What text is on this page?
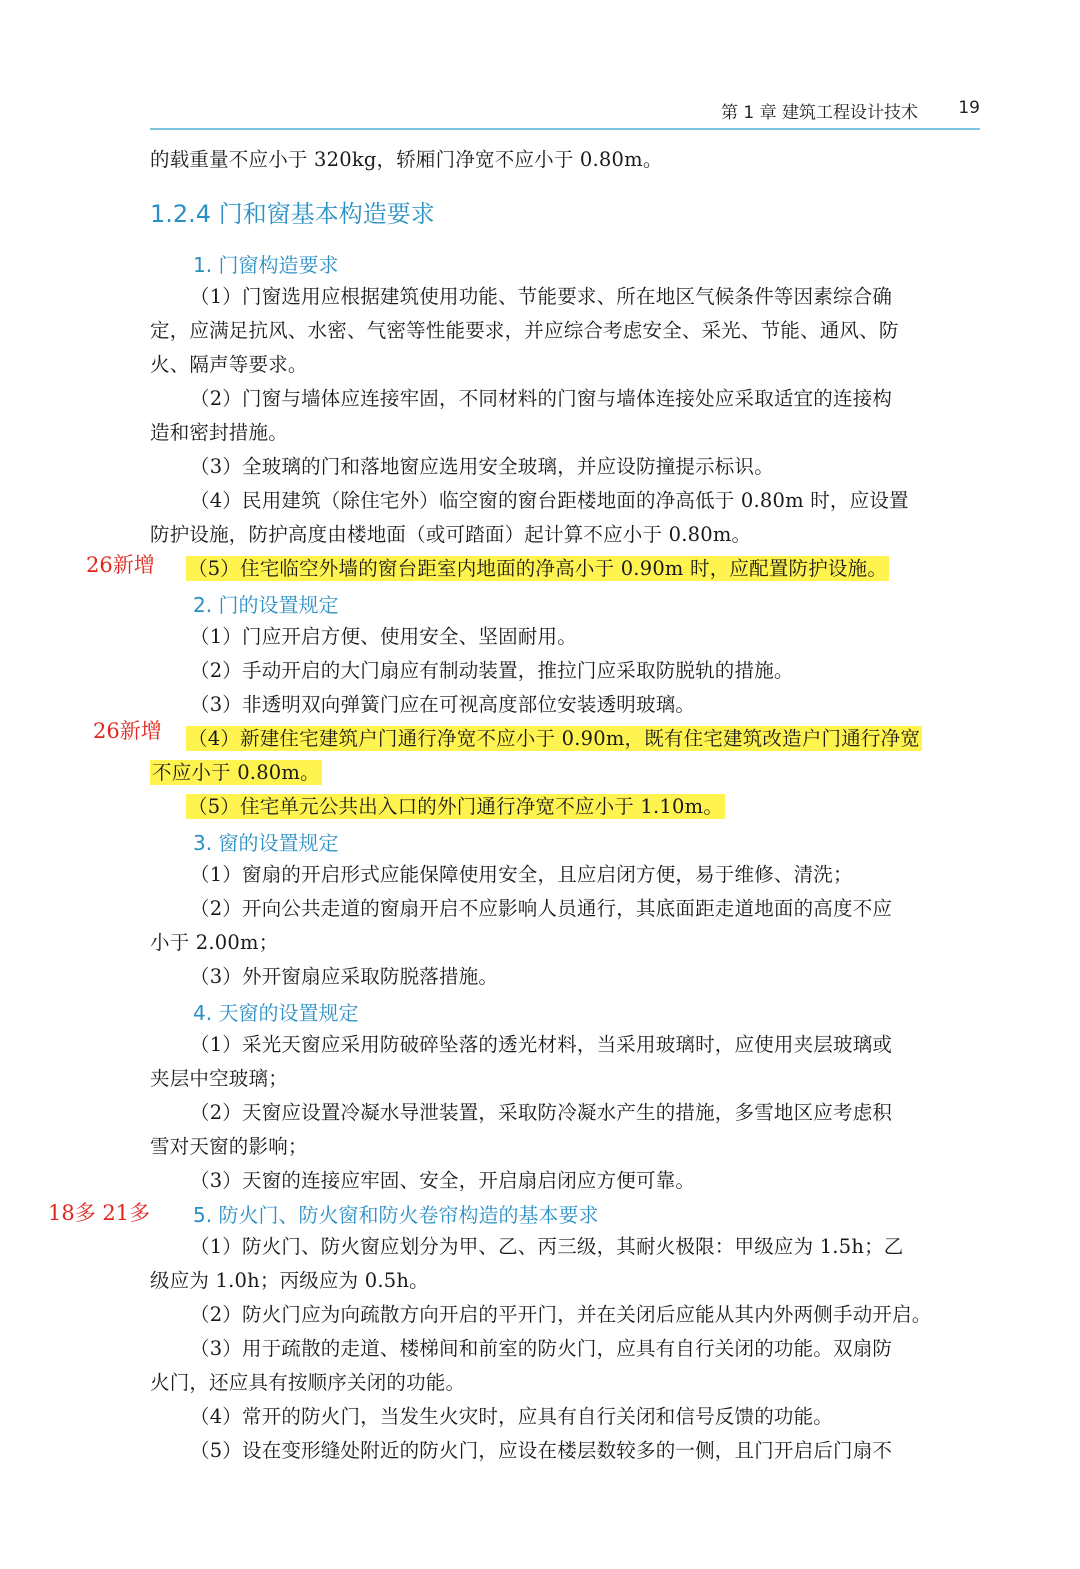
第 1 章 建筑工程设计技术 19
的载重量不应小于 320kg，轿厢门净宽不应小于 0.80m。
1.2.4 门和窗基本构造要求
1. 门窗构造要求
（1）门窗选用应根据建筑使用功能、节能要求、所在地区气候条件等因素综合确
定，应满足抗风、水密、气密等性能要求，并应综合考虑安全、采光、节能、通风、防
火、隔声等要求。
（2）门窗与墙体应连接牢固，不同材料的门窗与墙体连接处应采取适宜的连接构
造和密封措施。
（3）全玻璃的门和落地窗应选用安全玻璃，并应设防撞提示标识。
（4）民用建筑（除住宅外）临空窗的窗台距楼地面的净高低于 0.80m 时，应设置
防护设施，防护高度由楼地面（或可踏面）起计算不应小于 0.80m。
26新增 （5）住宅临空外墙的窗台距室内地面的净高小于 0.90m 时，应配置防护设施。
2. 门的设置规定
（1）门应开启方便、使用安全、坚固耐用。
（2）手动开启的大门扇应有制动装置，推拉门应采取防脱轨的措施。
（3）非透明双向弹簧门应在可视高度部位安装透明玻璃。
26新增 （4）新建住宅建筑户门通行净宽不应小于 0.90m，既有住宅建筑改造户门通行净宽
不应小于 0.80m。
（5）住宅单元公共出入口的外门通行净宽不应小于 1.10m。
3. 窗的设置规定
（1）窗扇的开启形式应能保障使用安全，且应启闭方便，易于维修、清洗；
（2）开向公共走道的窗扇开启不应影响人员通行，其底面距走道地面的高度不应
小于 2.00m；
（3）外开窗扇应采取防脱落措施。
4. 天窗的设置规定
（1）采光天窗应采用防破碎坠落的透光材料，当采用玻璃时，应使用夹层玻璃或
夹层中空玻璃；
（2）天窗应设置冷凝水导泄装置，采取防冷凝水产生的措施，多雪地区应考虑积
雪对天窗的影响；
（3）天窗的连接应牢固、安全，开启扇启闭应方便可靠。
18多 21多 5. 防火门、防火窗和防火卷帘构造的基本要求
（1）防火门、防火窗应划分为甲、乙、丙三级，其耐火极限：甲级应为 1.5h；乙
级应为 1.0h；丙级应为 0.5h。
（2）防火门应为向疏散方向开启的平开门，并在关闭后应能从其内外两侧手动开启。
（3）用于疏散的走道、楼梯间和前室的防火门，应具有自行关闭的功能。双扇防
火门，还应具有按顺序关闭的功能。
（4）常开的防火门，当发生火灾时，应具有自行关闭和信号反馈的功能。
（5）设在变形缝处附近的防火门，应设在楼层数较多的一侧，且门开启后门扇不
